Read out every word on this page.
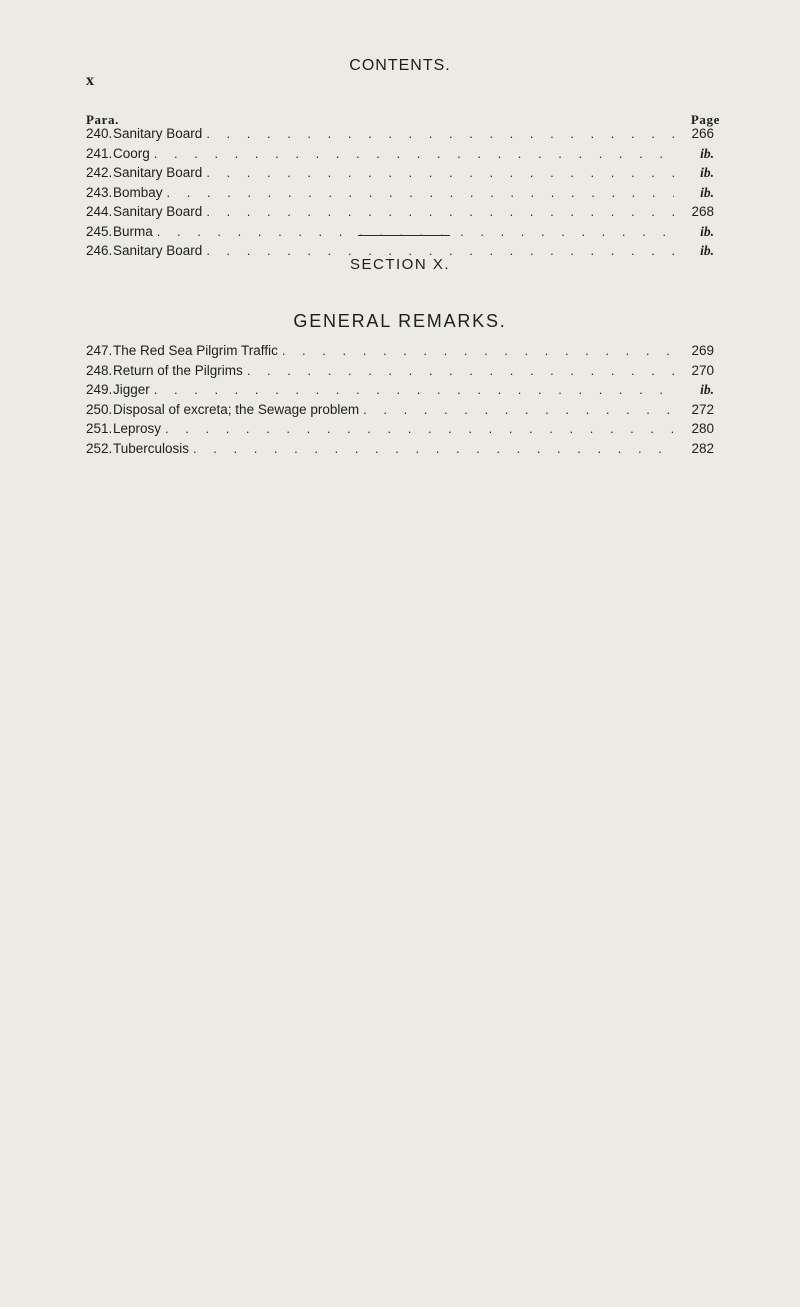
x
CONTENTS.
Para.	Page
240. Sanitary Board . . .	266
241. Coorg . . .	ib.
242. Sanitary Board . . .	ib.
243. Bombay . . .	ib.
244. Sanitary Board . . .	268
245. Burma . . .	ib.
246. Sanitary Board . . .	ib.
SECTION X.
GENERAL REMARKS.
247. The Red Sea Pilgrim Traffic . . .	269
248. Return of the Pilgrims . . .	270
249. Jigger . . .	ib.
250. Disposal of excreta; the Sewage problem . . .	272
251. Leprosy . . .	280
252. Tuberculosis . . .	282
